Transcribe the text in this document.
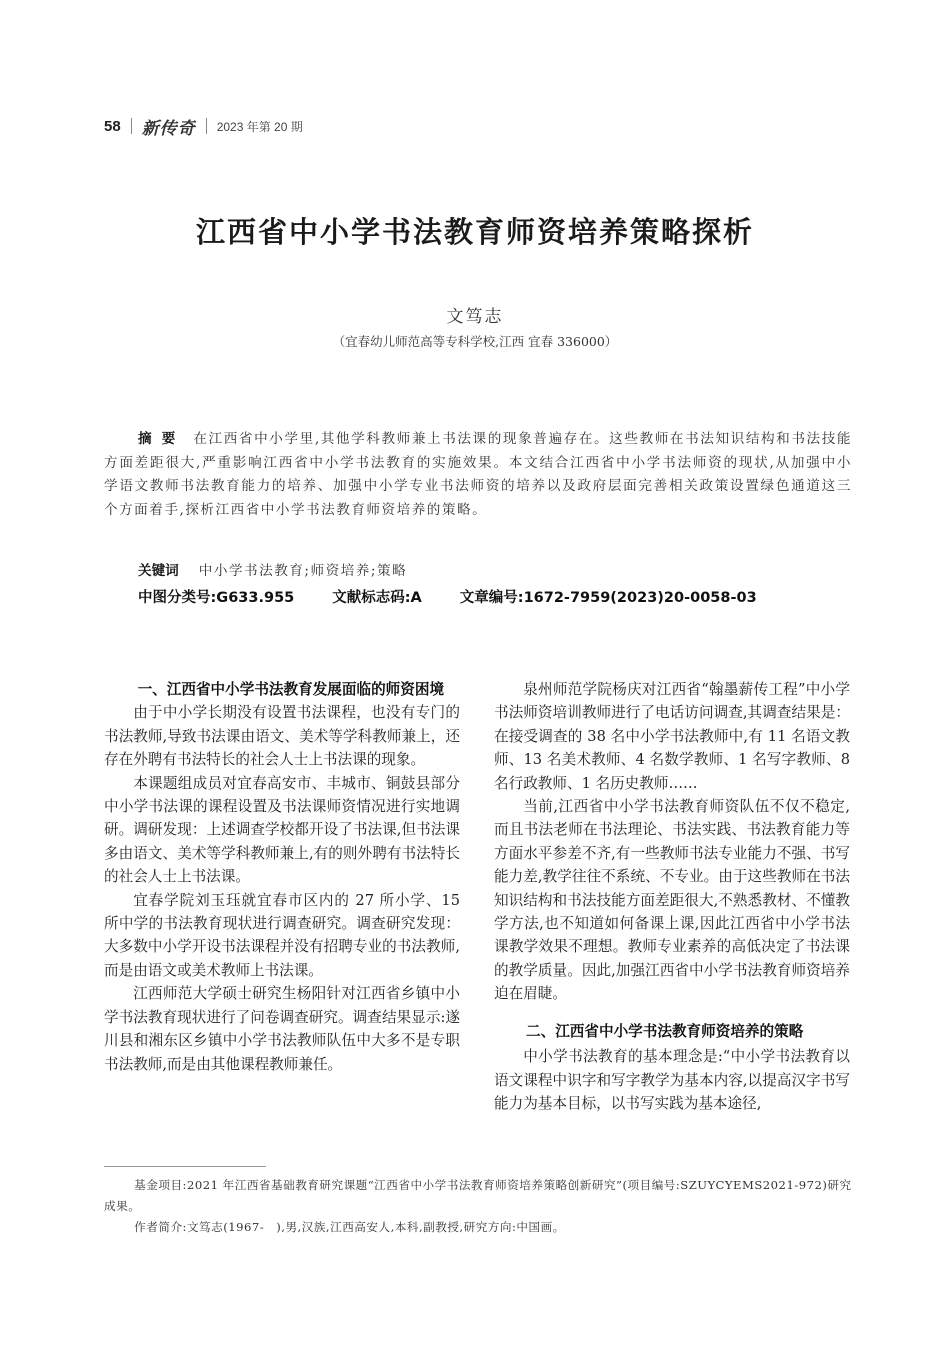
58 新传奇 2023 年第 20 期
江西省中小学书法教育师资培养策略探析
文笃志
（宜春幼儿师范高等专科学校,江西 宜春 336000）
摘要 在江西省中小学里,其他学科教师兼上书法课的现象普遍存在。这些教师在书法知识结构和书法技能方面差距很大,严重影响江西省中小学书法教育的实施效果。本文结合江西省中小学书法师资的现状,从加强中小学语文教师书法教育能力的培养、加强中小学专业书法师资的培养以及政府层面完善相关政策设置绿色通道这三个方面着手,探析江西省中小学书法教育师资培养的策略。
关键词 中小学书法教育;师资培养;策略
中图分类号:G633.955	文献标志码:A	文章编号:1672-7959(2023)20-0058-03
一、江西省中小学书法教育发展面临的师资困境

由于中小学长期没有设置书法课程，也没有专门的书法教师,导致书法课由语文、美术等学科教师兼上，还存在外聘有书法特长的社会人士上书法课的现象。

本课题组成员对宜春高安市、丰城市、铜鼓县部分中小学书法课的课程设置及书法课师资情况进行实地调研。调研发现：上述调查学校都开设了书法课,但书法课多由语文、美术等学科教师兼上,有的则外聘有书法特长的社会人士上书法课。

宜春学院刘玉珏就宜春市区内的 27 所小学、15 所中学的书法教育现状进行调查研究。调查研究发现：大多数中小学开设书法课程并没有招聘专业的书法教师,而是由语文或美术教师上书法课。

江西师范大学硕士研究生杨阳针对江西省乡镇中小学书法教育现状进行了问卷调查研究。调查结果显示:遂川县和湘东区乡镇中小学书法教师队伍中大多不是专职书法教师,而是由其他课程教师兼任。

泉州师范学院杨庆对江西省“翰墨薪传工程”中小学书法师资培训教师进行了电话访问调查,其调查结果是：在接受调查的 38 名中小学书法教师中,有 11 名语文教师、13 名美术教师、4 名数学教师、1 名写字教师、8 名行政教师、1 名历史教师……

当前,江西省中小学书法教育师资队伍不仅不稳定,而且书法老师在书法理论、书法实践、书法教育能力等方面水平参差不齐,有一些教师书法专业能力不强、书写能力差,教学往往不系统、不专业。由于这些教师在书法知识结构和书法技能方面差距很大,不熟悉教材、不懂教学方法,也不知道如何备课上课,因此江西省中小学书法课教学效果不理想。教师专业素养的高低决定了书法课的教学质量。因此,加强江西省中小学书法教育师资培养迫在眉睫。

二、江西省中小学书法教育师资培养的策略

中小学书法教育的基本理念是:“中小学书法教育以语文课程中识字和写字教学为基本内容,以提高汉字书写能力为基本目标，以书写实践为基本途径,

基金项目:2021 年江西省基础教育研究课题“江西省中小学书法教育师资培养策略创新研究”(项目编号:SZUYCYEMS2021-972)研究成果。

作者简介:文笃志(1967-　),男,汉族,江西高安人,本科,副教授,研究方向:中国画。
